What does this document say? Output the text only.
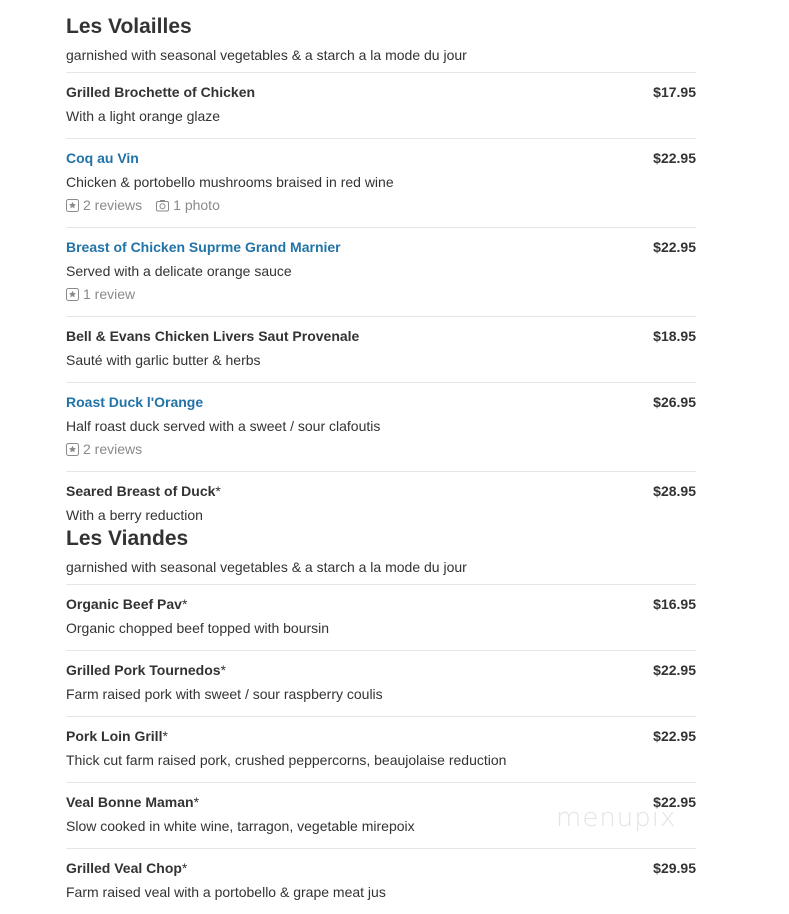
Les Volailles
garnished with seasonal vegetables & a starch a la mode du jour
Grilled Brochette of Chicken	$17.95
With a light orange glaze
Coq au Vin	$22.95
Chicken & portobello mushrooms braised in red wine
2 reviews 1 photo
Breast of Chicken Suprme Grand Marnier	$22.95
Served with a delicate orange sauce
1 review
Bell & Evans Chicken Livers Saut Provenale	$18.95
Sauté with garlic butter & herbs
Roast Duck l'Orange	$26.95
Half roast duck served with a sweet / sour clafoutis
2 reviews
Seared Breast of Duck*	$28.95
With a berry reduction
Les Viandes
garnished with seasonal vegetables & a starch a la mode du jour
Organic Beef Pav*	$16.95
Organic chopped beef topped with boursin
Grilled Pork Tournedos*	$22.95
Farm raised pork with sweet / sour raspberry coulis
Pork Loin Grill*	$22.95
Thick cut farm raised pork, crushed peppercorns, beaujolaise reduction
Veal Bonne Maman*	$22.95
Slow cooked in white wine, tarragon, vegetable mirepoix
Grilled Veal Chop*	$29.95
Farm raised veal with a portobello & grape meat jus
menupix
